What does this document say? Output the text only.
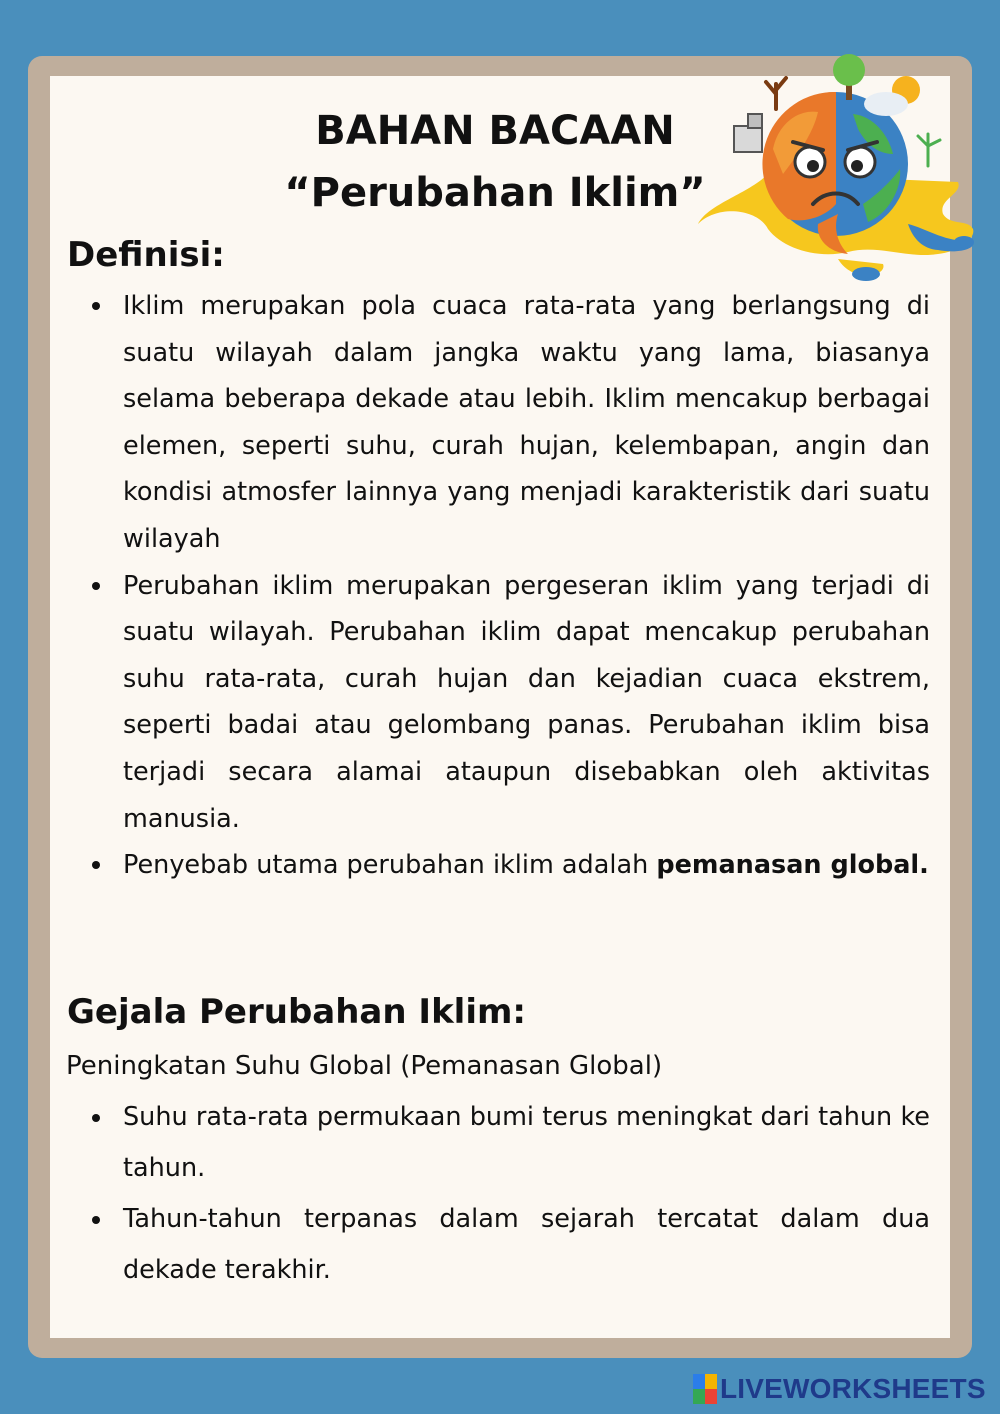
BAHAN BACAAN
“Perubahan Iklim”
Definisi:
Iklim merupakan pola cuaca rata-rata yang berlangsung di suatu wilayah dalam jangka waktu yang lama, biasanya selama beberapa dekade atau lebih. Iklim mencakup berbagai elemen, seperti suhu, curah hujan, kelembapan, angin dan kondisi atmosfer lainnya yang menjadi karakteristik dari suatu wilayah
Perubahan iklim merupakan pergeseran iklim yang terjadi di suatu wilayah. Perubahan iklim dapat mencakup perubahan suhu rata-rata, curah hujan dan kejadian cuaca ekstrem, seperti badai atau gelombang panas. Perubahan iklim bisa terjadi secara alamai ataupun disebabkan oleh aktivitas manusia.
Penyebab utama perubahan iklim adalah pemanasan global.
Gejala Perubahan Iklim:
Peningkatan Suhu Global (Pemanasan Global)
Suhu rata-rata permukaan bumi terus meningkat dari tahun ke tahun.
Tahun-tahun terpanas dalam sejarah tercatat dalam dua dekade terakhir.
LIVEWORKSHEETS
